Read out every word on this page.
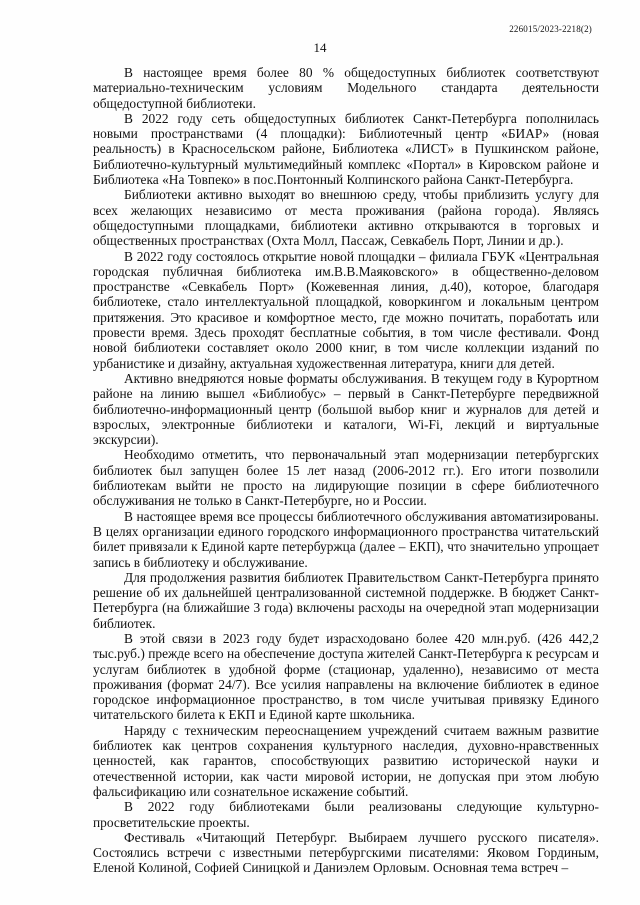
226015/2023-2218(2)
14

В настоящее время более 80 % общедоступных библиотек соответствуют материально-техническим условиям Модельного стандарта деятельности общедоступной библиотеки.

В 2022 году сеть общедоступных библиотек Санкт-Петербурга пополнилась новыми пространствами (4 площадки): Библиотечный центр «БИАР» (новая реальность) в Красносельском районе, Библиотека «ЛИСТ» в Пушкинском районе, Библиотечно-культурный мультимедийный комплекс «Портал» в Кировском районе и Библиотека «На Товпеко» в пос.Понтонный Колпинского района Санкт-Петербурга.

Библиотеки активно выходят во внешнюю среду, чтобы приблизить услугу для всех желающих независимо от места проживания (района города). Являясь общедоступными площадками, библиотеки активно открываются в торговых и общественных пространствах (Охта Молл, Пассаж, Севкабель Порт, Линии и др.).

В 2022 году состоялось открытие новой площадки – филиала ГБУК «Центральная городская публичная библиотека им.В.В.Маяковского» в общественно-деловом пространстве «Севкабель Порт» (Кожевенная линия, д.40), которое, благодаря библиотеке, стало интеллектуальной площадкой, коворкингом и локальным центром притяжения. Это красивое и комфортное место, где можно почитать, поработать или провести время. Здесь проходят бесплатные события, в том числе фестивали. Фонд новой библиотеки составляет около 2000 книг, в том числе коллекции изданий по урбанистике и дизайну, актуальная художественная литература, книги для детей.

Активно внедряются новые форматы обслуживания. В текущем году в Курортном районе на линию вышел «Библиобус» – первый в Санкт-Петербурге передвижной библиотечно-информационный центр (большой выбор книг и журналов для детей и взрослых, электронные библиотеки и каталоги, Wi-Fi, лекций и виртуальные экскурсии).

Необходимо отметить, что первоначальный этап модернизации петербургских библиотек был запущен более 15 лет назад (2006-2012 гг.). Его итоги позволили библиотекам выйти не просто на лидирующие позиции в сфере библиотечного обслуживания не только в Санкт-Петербурге, но и России.

В настоящее время все процессы библиотечного обслуживания автоматизированы. В целях организации единого городского информационного пространства читательский билет привязали к Единой карте петербуржца (далее – ЕКП), что значительно упрощает запись в библиотеку и обслуживание.

Для продолжения развития библиотек Правительством Санкт-Петербурга принято решение об их дальнейшей централизованной системной поддержке. В бюджет Санкт-Петербурга (на ближайшие 3 года) включены расходы на очередной этап модернизации библиотек.

В этой связи в 2023 году будет израсходовано более 420 млн.руб. (426 442,2 тыс.руб.) прежде всего на обеспечение доступа жителей Санкт-Петербурга к ресурсам и услугам библиотек в удобной форме (стационар, удаленно), независимо от места проживания (формат 24/7). Все усилия направлены на включение библиотек в единое городское информационное пространство, в том числе учитывая привязку Единого читательского билета к ЕКП и Единой карте школьника.

Наряду с техническим переоснащением учреждений считаем важным развитие библиотек как центров сохранения культурного наследия, духовно-нравственных ценностей, как гарантов, способствующих развитию исторической науки и отечественной истории, как части мировой истории, не допуская при этом любую фальсификацию или сознательное искажение событий.

В 2022 году библиотеками были реализованы следующие культурно-просветительские проекты.

Фестиваль «Читающий Петербург. Выбираем лучшего русского писателя». Состоялись встречи с известными петербургскими писателями: Яковом Гординым, Еленой Колиной, Софией Синицкой и Даниэлем Орловым. Основная тема встреч –
